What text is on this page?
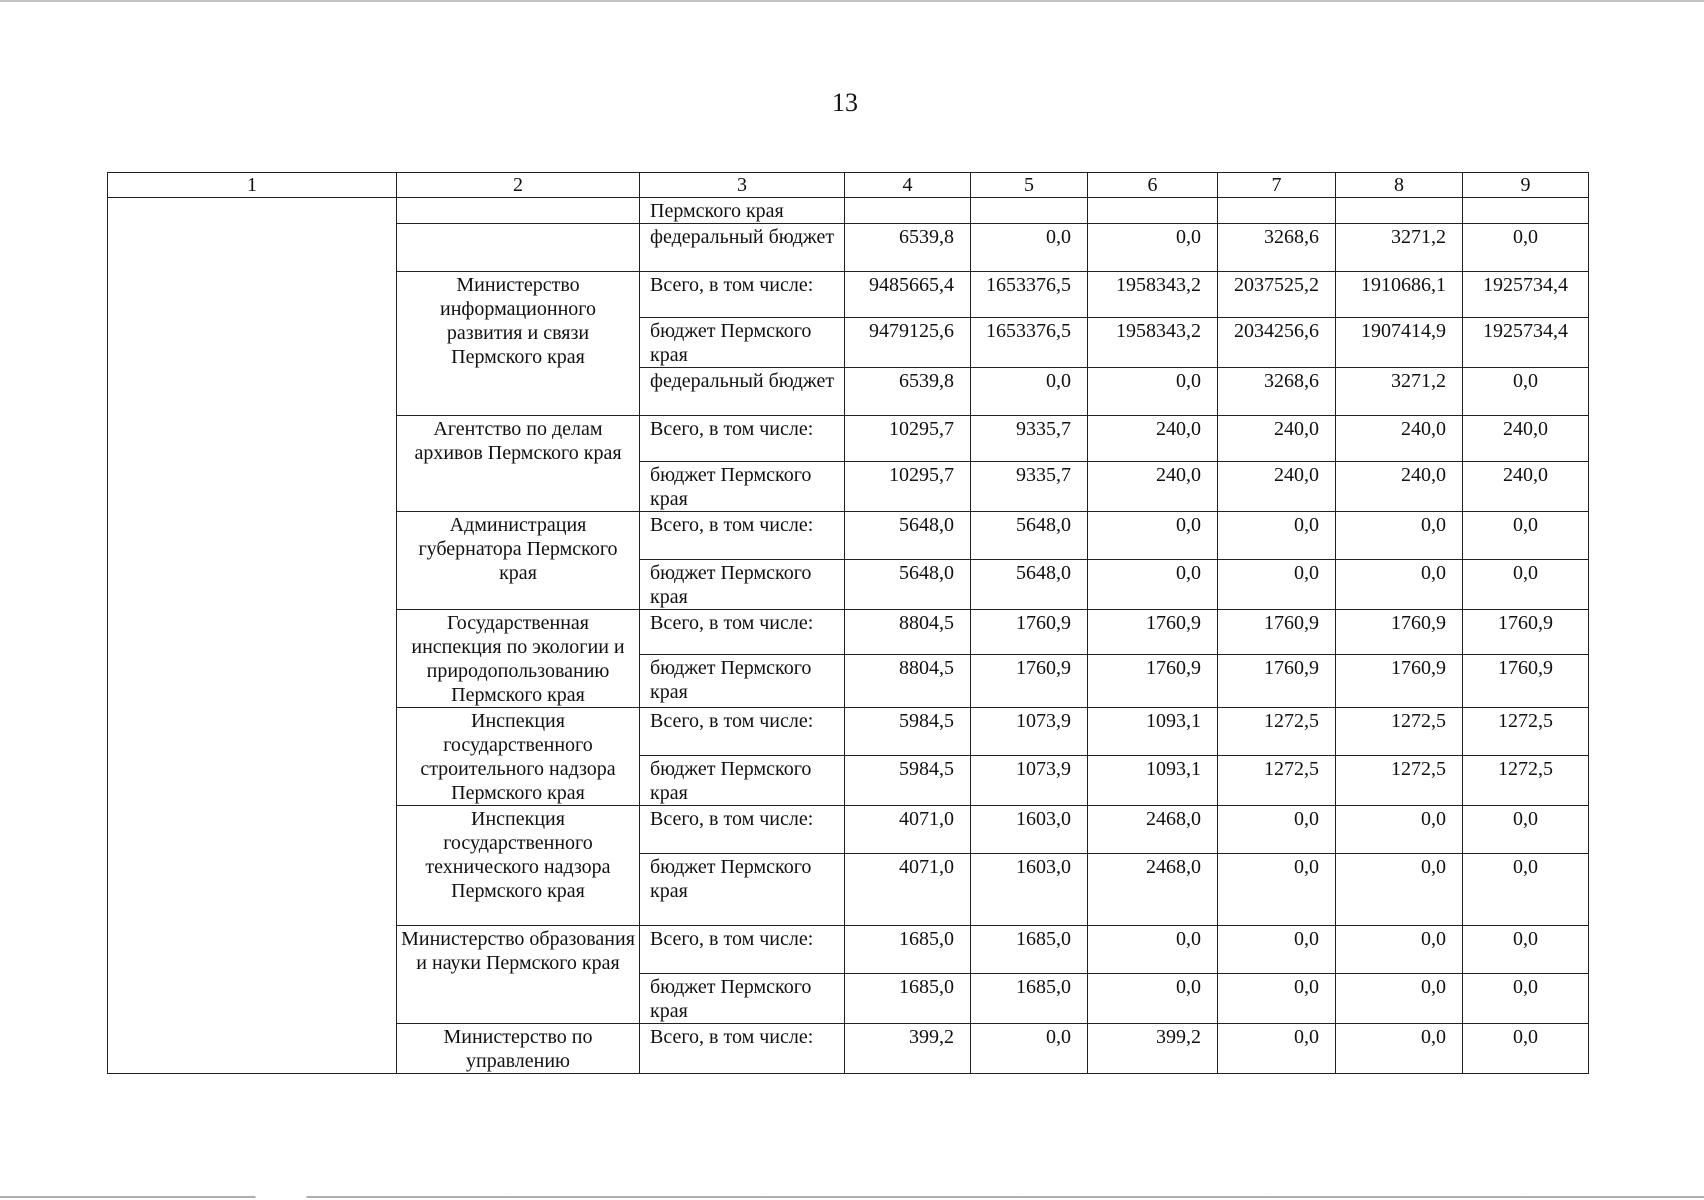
13
1	2	3	4	5	6	7	8	9
		Пермского края						
		федеральный бюджет	6539,8	0,0	0,0	3268,6	3271,2	0,0
	Министерство информационного развития и связи Пермского края	Всего, в том числе:	9485665,4	1653376,5	1958343,2	2037525,2	1910686,1	1925734,4
		бюджет Пермского края	9479125,6	1653376,5	1958343,2	2034256,6	1907414,9	1925734,4
		федеральный бюджет	6539,8	0,0	0,0	3268,6	3271,2	0,0
	Агентство по делам архивов Пермского края	Всего, в том числе:	10295,7	9335,7	240,0	240,0	240,0	240,0
		бюджет Пермского края	10295,7	9335,7	240,0	240,0	240,0	240,0
	Администрация губернатора Пермского края	Всего, в том числе:	5648,0	5648,0	0,0	0,0	0,0	0,0
		бюджет Пермского края	5648,0	5648,0	0,0	0,0	0,0	0,0
	Государственная инспекция по экологии и природопользованию Пермского края	Всего, в том числе:	8804,5	1760,9	1760,9	1760,9	1760,9	1760,9
		бюджет Пермского края	8804,5	1760,9	1760,9	1760,9	1760,9	1760,9
	Инспекция государственного строительного надзора Пермского края	Всего, в том числе:	5984,5	1073,9	1093,1	1272,5	1272,5	1272,5
		бюджет Пермского края	5984,5	1073,9	1093,1	1272,5	1272,5	1272,5
	Инспекция государственного технического надзора Пермского края	Всего, в том числе:	4071,0	1603,0	2468,0	0,0	0,0	0,0
		бюджет Пермского края	4071,0	1603,0	2468,0	0,0	0,0	0,0
	Министерство образования и науки Пермского края	Всего, в том числе:	1685,0	1685,0	0,0	0,0	0,0	0,0
		бюджет Пермского края	1685,0	1685,0	0,0	0,0	0,0	0,0
	Министерство по управлению	Всего, в том числе:	399,2	0,0	399,2	0,0	0,0	0,0
